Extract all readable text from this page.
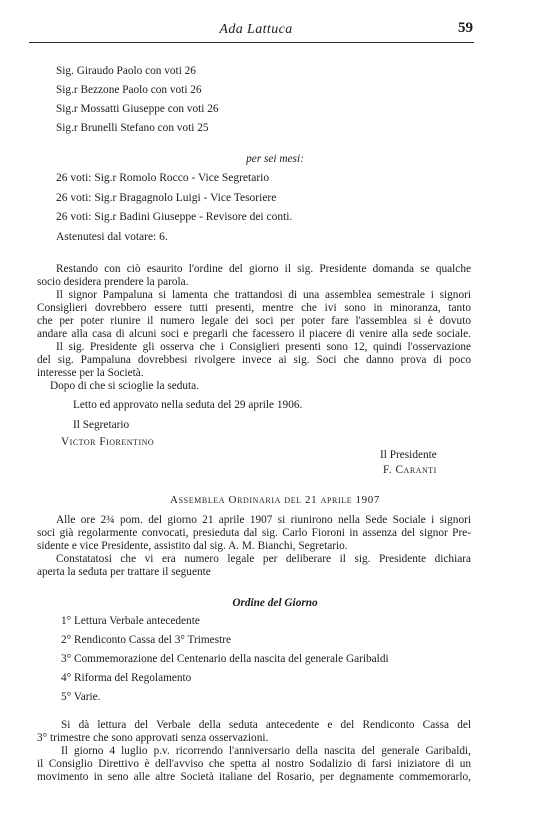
Ada Lattuca	59
Sig. Giraudo Paolo con voti 26
Sig.r Bezzone Paolo con voti 26
Sig.r Mossatti Giuseppe con voti 26
Sig.r Brunelli Stefano con voti 25
per sei mesi:
26 voti: Sig.r Romolo Rocco - Vice Segretario
26 voti: Sig.r Bragagnolo Luigi - Vice Tesoriere
26 voti: Sig.r Badini Giuseppe - Revisore dei conti.
Astenutesi dal votare: 6.
Restando con ciò esaurito l'ordine del giorno il sig. Presidente domanda se qualche
socio desidera prendere la parola.
Il signor Pampaluna si lamenta che trattandosi di una assemblea semestrale i signori
Consiglieri dovrebbero essere tutti presenti, mentre che ivi sono in minoranza, tanto
che per poter riunire il numero legale dei soci per poter fare l'assemblea si è dovuto
andare alla casa di alcuni soci e pregarli che facessero il piacere di venire alla sede sociale.
Il sig. Presidente gli osserva che i Consiglieri presenti sono 12, quindi l'osservazione
del sig. Pampaluna dovrebbesi rivolgere invece ai sig. Soci che danno prova di poco
interesse per la Società.
Dopo di che si scioglie la seduta.
Letto ed approvato nella seduta del 29 aprile 1906.
Il Segretario
Victor Fiorentino
Il Presidente
F. Caranti
Assemblea Ordinaria del 21 aprile 1907
Alle ore 2¾ pom. del giorno 21 aprile 1907 si riunirono nella Sede Sociale i signori
soci già regolarmente convocati, presieduta dal sig. Carlo Fioroni in assenza del signor Pre-
sidente e vice Presidente, assistito dal sig. A. M. Bianchi, Segretario.
Constatatosi che vi era numero legale per deliberare il sig. Presidente dichiara
aperta la seduta per trattare il seguente
Ordine del Giorno
1° Lettura Verbale antecedente
2° Rendiconto Cassa del 3° Trimestre
3° Commemorazione del Centenario della nascita del generale Garibaldi
4° Riforma del Regolamento
5° Varie.
Si dà lettura del Verbale della seduta antecedente e del Rendiconto Cassa del
3° trimestre che sono approvati senza osservazioni.
Il giorno 4 luglio p.v. ricorrendo l'anniversario della nascita del generale Garibaldi,
il Consiglio Direttivo è dell'avviso che spetta al nostro Sodalizio di farsi iniziatore di un
movimento in seno alle altre Società italiane del Rosario, per degnamente commemorarlo,
